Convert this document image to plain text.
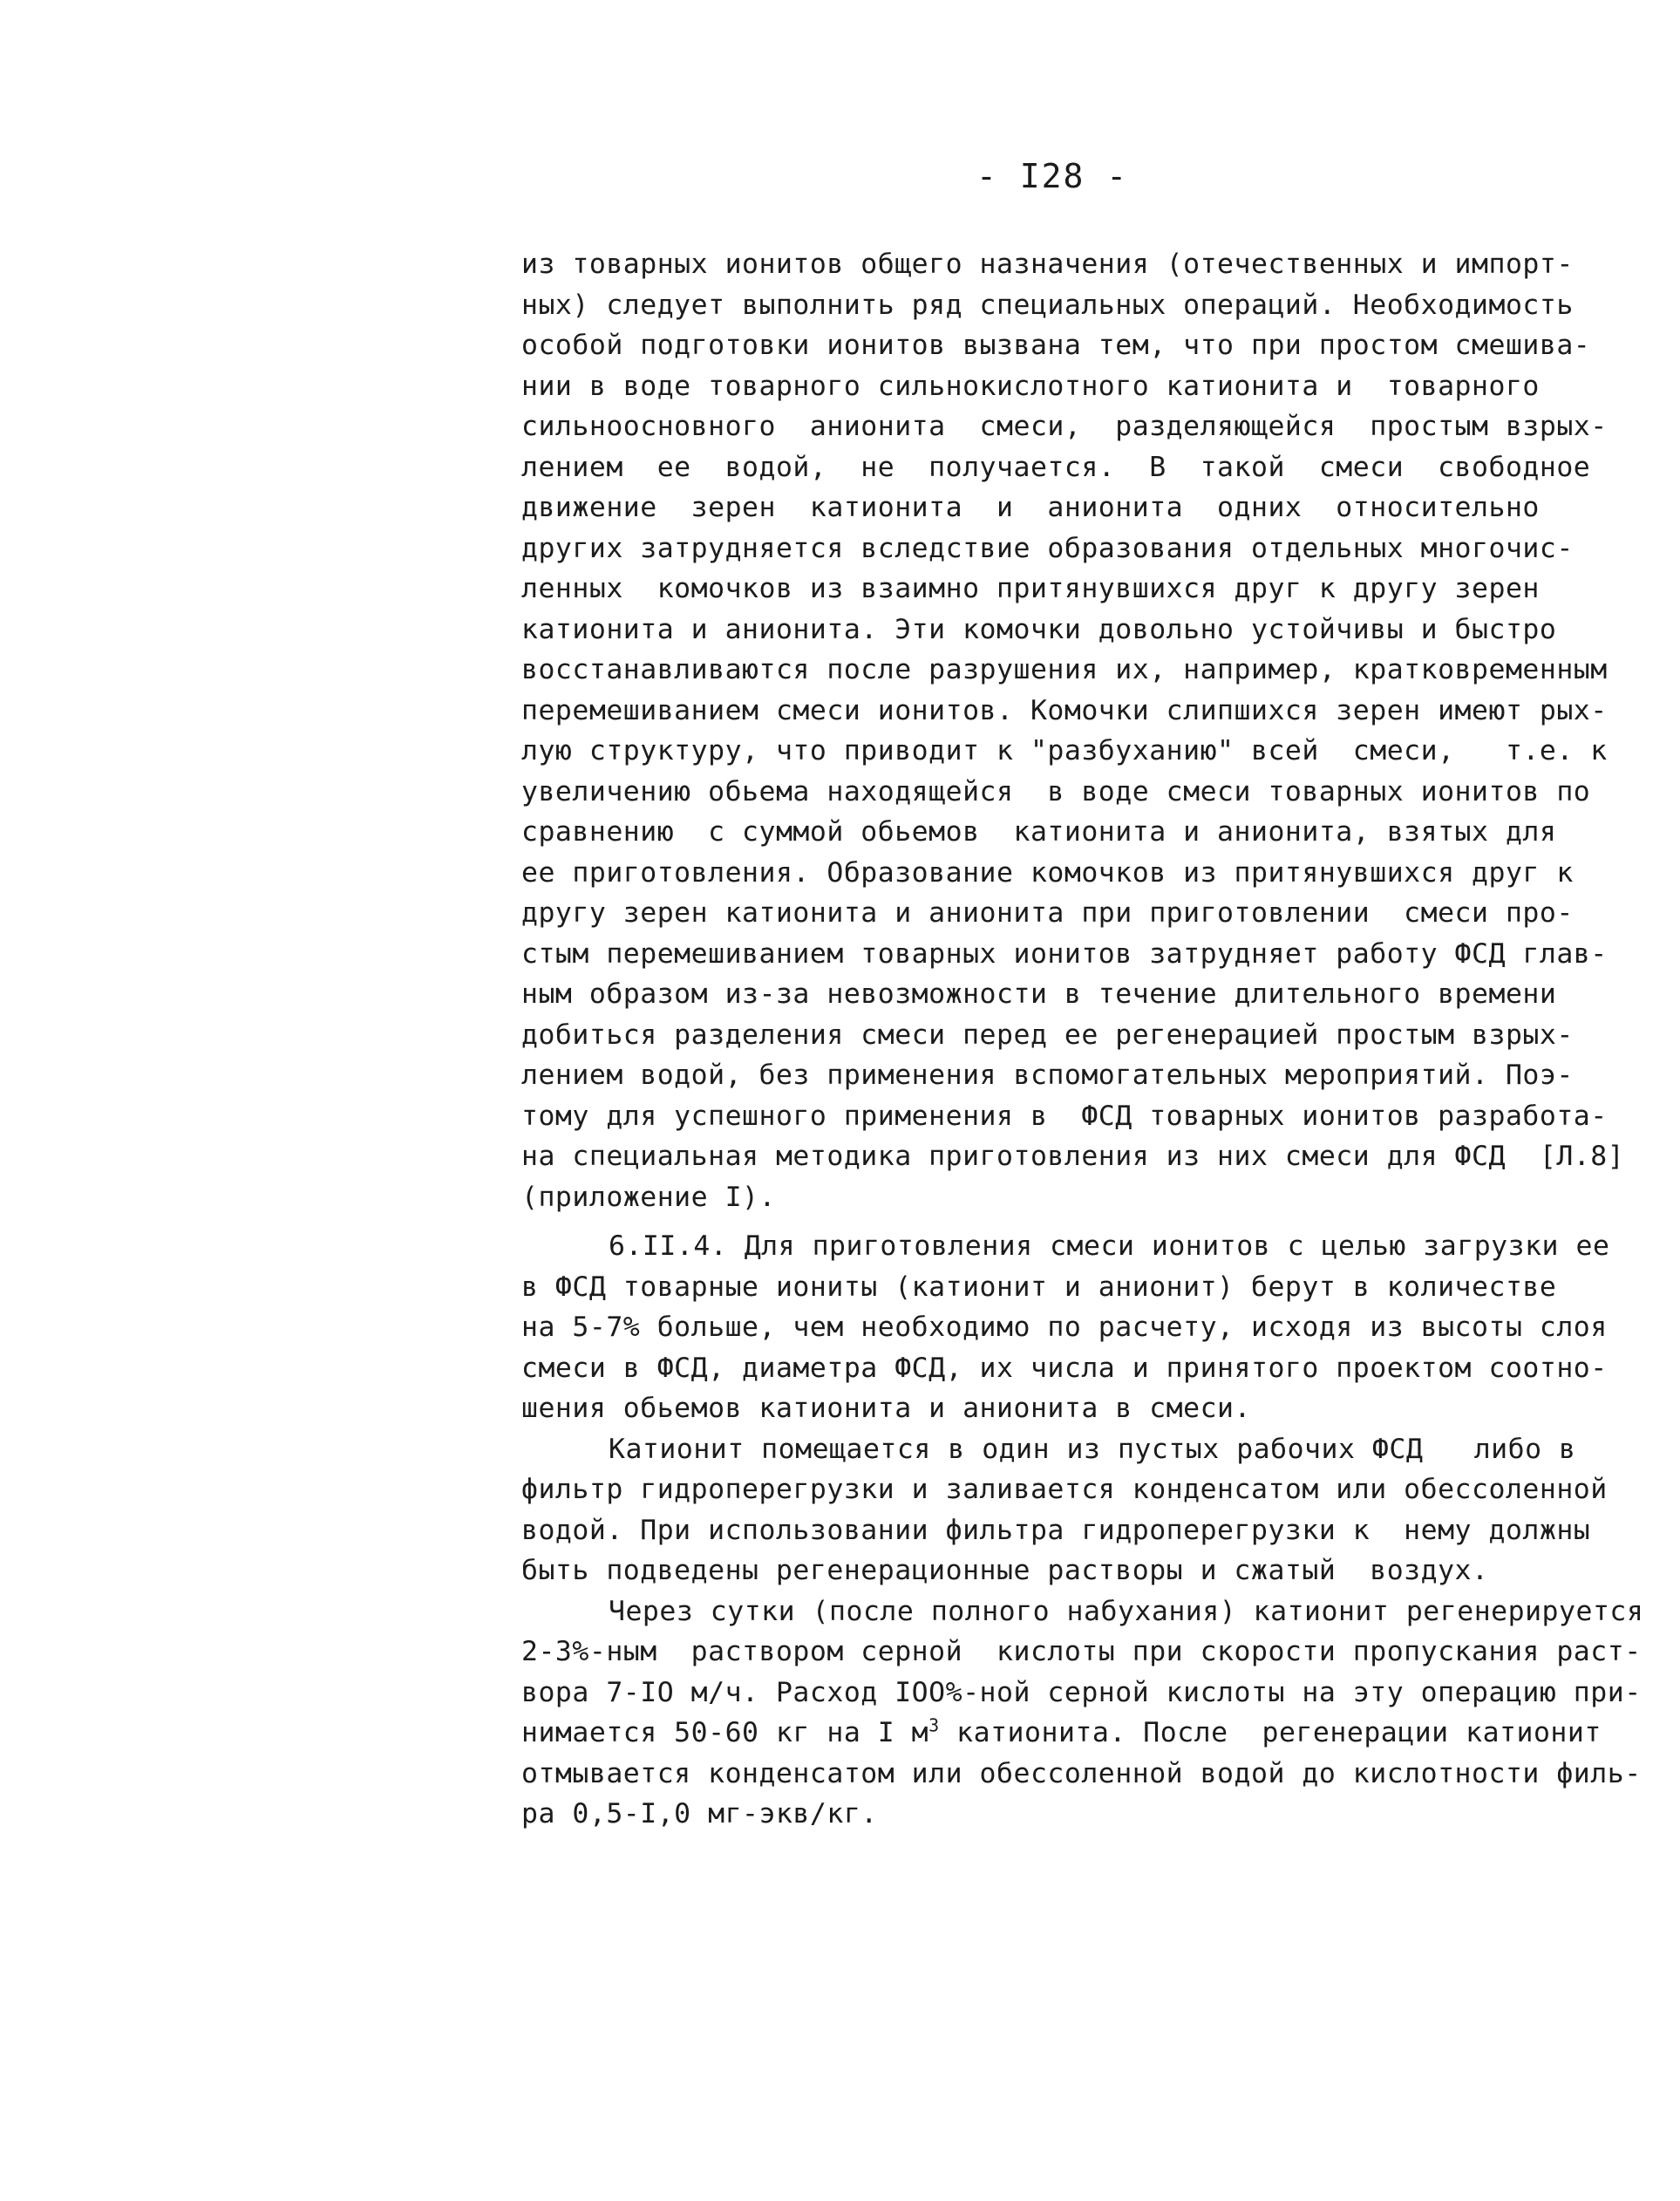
- I28 -
из товарных ионитов общего назначения (отечественных и импорт-
ных) следует выполнить ряд специальных операций. Необходимость
особой подготовки ионитов вызвана тем, что при простом смешива-
нии в воде товарного сильнокислотного катионита и  товарного
сильноосновного  анионита  смеси,  разделяющейся  простым взрых-
лением  ее  водой,  не  получается.  В  такой  смеси  свободное
движение  зерен  катионита  и  анионита  одних  относительно
других затрудняется вследствие образования отдельных многочис-
ленных  комочков из взаимно притянувшихся друг к другу зерен
катионита и анионита. Эти комочки довольно устойчивы и быстро
восстанавливаются после разрушения их, например, кратковременным
перемешиванием смеси ионитов. Комочки слипшихся зерен имеют рых-
лую структуру, что приводит к "разбуханию" всей  смеси,   т.е. к
увеличению обьема находящейся  в воде смеси товарных ионитов по
сравнению  с суммой обьемов  катионита и анионита, взятых для
ее приготовления. Образование комочков из притянувшихся друг к
другу зерен катионита и анионита при приготовлении  смеси про-
стым перемешиванием товарных ионитов затрудняет работу ФСД глав-
ным образом из-за невозможности в течение длительного времени
добиться разделения смеси перед ее регенерацией простым взрых-
лением водой, без применения вспомогательных мероприятий. Поэ-
тому для успешного применения в  ФСД товарных ионитов разработа-
на специальная методика приготовления из них смеси для ФСД  [Л.8]
(приложение I).
6.II.4. Для приготовления смеси ионитов с целью загрузки ее
в ФСД товарные иониты (катионит и анионит) берут в количестве
на 5-7% больше, чем необходимо по расчету, исходя из высоты слоя
смеси в ФСД, диаметра ФСД, их числа и принятого проектом соотно-
шения обьемов катионита и анионита в смеси.
Катионит помещается в один из пустых рабочих ФСД   либо в
фильтр гидроперегрузки и заливается конденсатом или обессоленной
водой. При использовании фильтра гидроперегрузки к  нему должны
быть подведены регенерационные растворы и сжатый  воздух.
Через сутки (после полного набухания) катионит регенерируется
2-3%-ным  раствором серной  кислоты при скорости пропускания раст-
вора 7-IO м/ч. Расход IOO%-ной серной кислоты на эту операцию при-
нимается 50-60 кг на I $м^3$ катионита. После  регенерации катионит
отмывается конденсатом или обессоленной водой до кислотности филь-
ра 0,5-I,0 мг-экв/кг.
